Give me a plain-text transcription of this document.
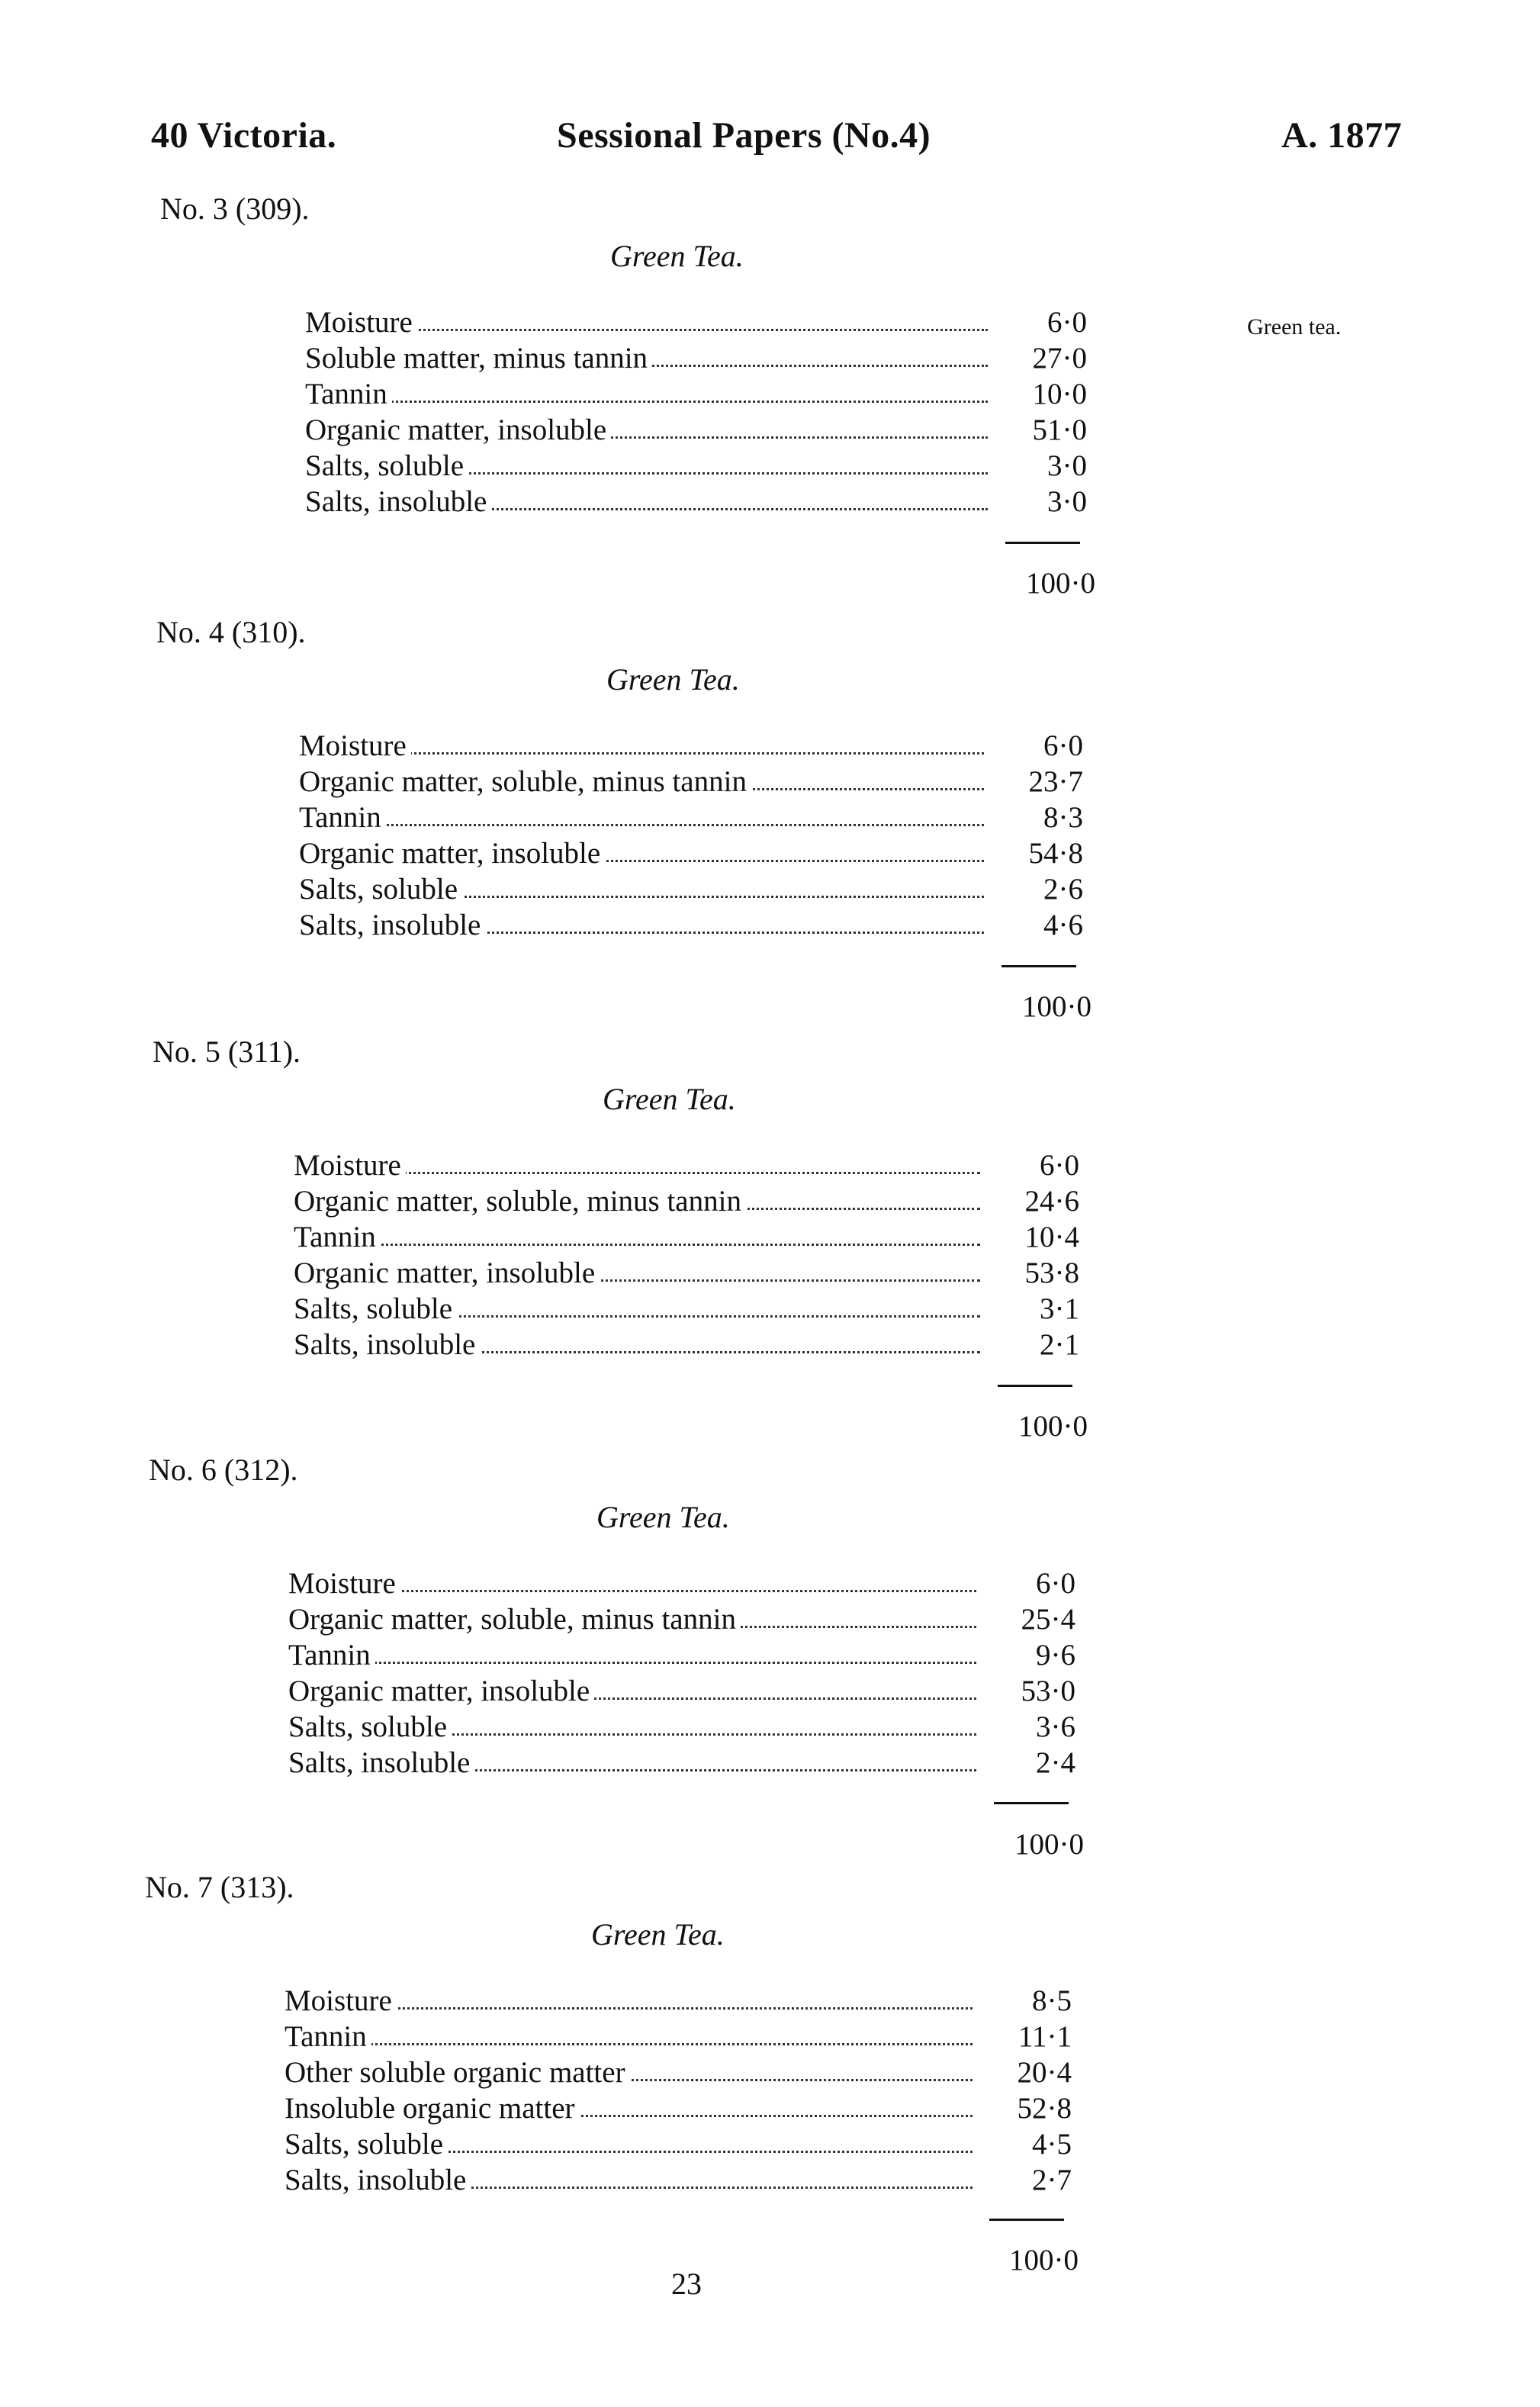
40 Victoria.	Sessional Papers (No.4)	A. 1877
Green tea.
No. 3 (309).
Green Tea.
Moisture	6·0
Soluble matter, minus tannin	27·0
Tannin	10·0
Organic matter, insoluble	51·0
Salts, soluble	3·0
Salts, insoluble	3·0
100·0
No. 4 (310).
Green Tea.
Moisture	6·0
Organic matter, soluble, minus tannin	23·7
Tannin	8·3
Organic matter, insoluble	54·8
Salts, soluble	2·6
Salts, insoluble	4·6
100·0
No. 5 (311).
Green Tea.
Moisture	6·0
Organic matter, soluble, minus tannin	24·6
Tannin	10·4
Organic matter, insoluble	53·8
Salts, soluble	3·1
Salts, insoluble	2·1
100·0
No. 6 (312).
Green Tea.
Moisture	6·0
Organic matter, soluble, minus tannin	25·4
Tannin	9·6
Organic matter, insoluble	53·0
Salts, soluble	3·6
Salts, insoluble	2·4
100·0
No. 7 (313).
Green Tea.
Moisture	8·5
Tannin	11·1
Other soluble organic matter	20·4
Insoluble organic matter	52·8
Salts, soluble	4·5
Salts, insoluble	2·7
100·0
23
